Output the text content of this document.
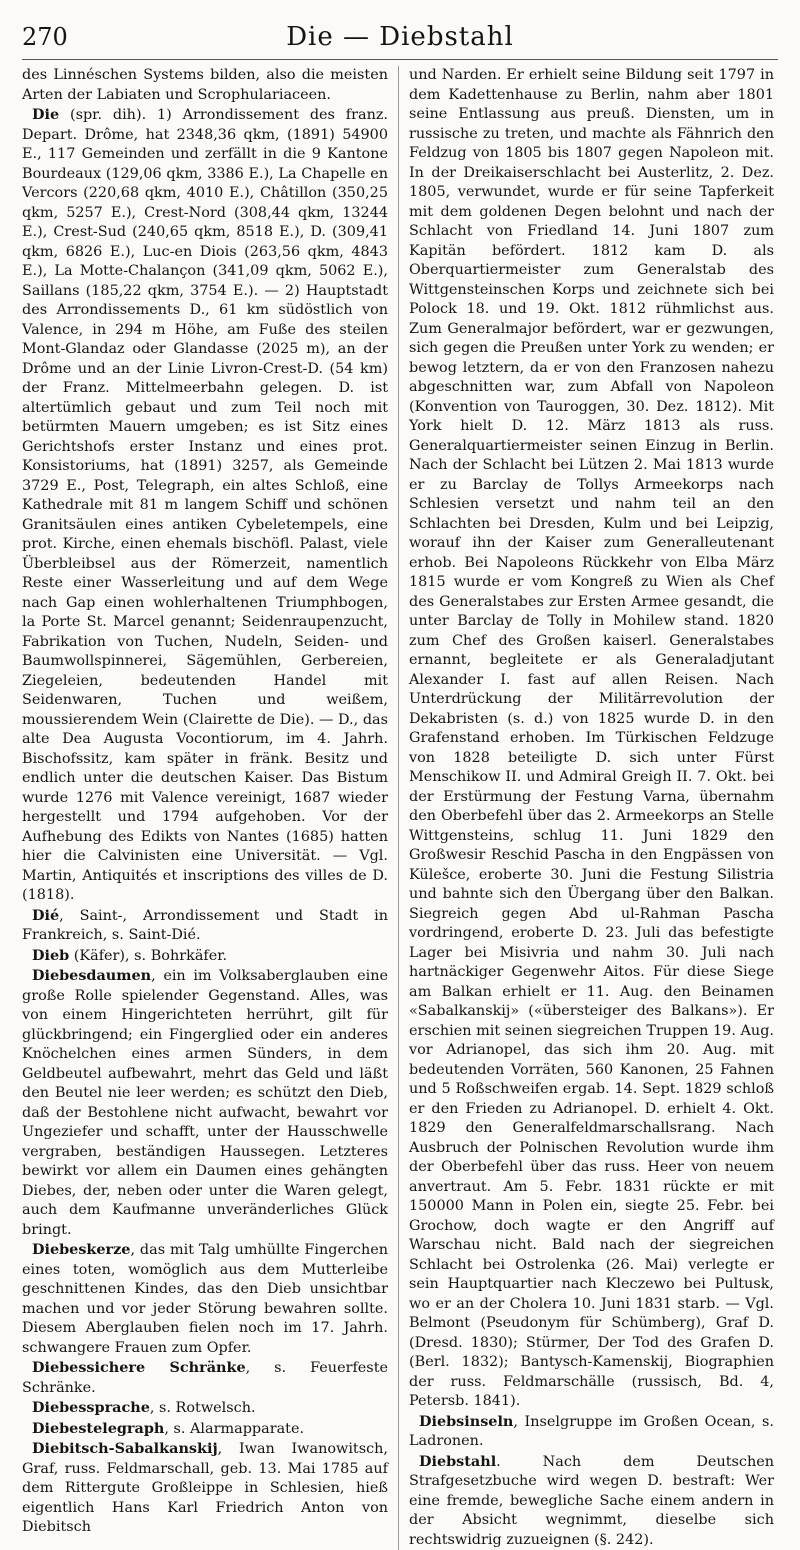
270	Die — Diebstahl

des Linnéschen Systems bilden, also die meisten Arten der Labiaten und Scrophulariaceen.

Die (spr. dih). 1) Arrondissement des franz. Depart. Drôme, hat 2348,36 qkm, (1891) 54900 E., 117 Gemeinden und zerfällt in die 9 Kantone Bourdeaux (129,06 qkm, 3386 E.), La Chapelle en Vercors (220,68 qkm, 4010 E.), Châtillon (350,25 qkm, 5257 E.), Crest-Nord (308,44 qkm, 13244 E.), Crest-Sud (240,65 qkm, 8518 E.), D. (309,41 qkm, 6826 E.), Luc-en Diois (263,56 qkm, 4843 E.), La Motte-Chalançon (341,09 qkm, 5062 E.), Saillans (185,22 qkm, 3754 E.). — 2) Hauptstadt des Arrondissements D., 61 km südöstlich von Valence, in 294 m Höhe, am Fuße des steilen Mont-Glandaz oder Glandasse (2025 m), an der Drôme und an der Linie Livron-Crest-D. (54 km) der Franz. Mittelmeerbahn gelegen. D. ist altertümlich gebaut und zum Teil noch mit betürmten Mauern umgeben; es ist Sitz eines Gerichtshofs erster Instanz und eines prot. Konsistoriums, hat (1891) 3257, als Gemeinde 3729 E., Post, Telegraph, ein altes Schloß, eine Kathedrale mit 81 m langem Schiff und schönen Granitsäulen eines antiken Cybeletempels, eine prot. Kirche, einen ehemals bischöfl. Palast, viele Überbleibsel aus der Römerzeit, namentlich Reste einer Wasserleitung und auf dem Wege nach Gap einen wohlerhaltenen Triumphbogen, la Porte St. Marcel genannt; Seidenraupenzucht, Fabrikation von Tuchen, Nudeln, Seiden- und Baumwollspinnerei, Sägemühlen, Gerbereien, Ziegeleien, bedeutenden Handel mit Seidenwaren, Tuchen und weißem, moussierendem Wein (Clairette de Die). — D., das alte Dea Augusta Vocontiorum, im 4. Jahrh. Bischofssitz, kam später in fränk. Besitz und endlich unter die deutschen Kaiser. Das Bistum wurde 1276 mit Valence vereinigt, 1687 wieder hergestellt und 1794 aufgehoben. Vor der Aufhebung des Edikts von Nantes (1685) hatten hier die Calvinisten eine Universität. — Vgl. Martin, Antiquités et inscriptions des villes de D. (1818).

Dié, Saint-, Arrondissement und Stadt in Frankreich, s. Saint-Dié.

Dieb (Käfer), s. Bohrkäfer.

Diebesdaumen, ein im Volksaberglauben eine große Rolle spielender Gegenstand. Alles, was von einem Hingerichteten herrührt, gilt für glückbringend; ein Fingerglied oder ein anderes Knöchelchen eines armen Sünders, in dem Geldbeutel aufbewahrt, mehrt das Geld und läßt den Beutel nie leer werden; es schützt den Dieb, daß der Bestohlene nicht aufwacht, bewahrt vor Ungeziefer und schafft, unter der Hausschwelle vergraben, beständigen Haussegen. Letzteres bewirkt vor allem ein Daumen eines gehängten Diebes, der, neben oder unter die Waren gelegt, auch dem Kaufmanne unveränderliches Glück bringt.

Diebeskerze, das mit Talg umhüllte Fingerchen eines toten, womöglich aus dem Mutterleibe geschnittenen Kindes, das den Dieb unsichtbar machen und vor jeder Störung bewahren sollte. Diesem Aberglauben fielen noch im 17. Jahrh. schwangere Frauen zum Opfer.

Diebessichere Schränke, s. Feuerfeste Schränke.

Diebessprache, s. Rotwelsch.

Diebestelegraph, s. Alarmapparate.

Diebitsch-Sabalkanskij, Iwan Iwanowitsch, Graf, russ. Feldmarschall, geb. 13. Mai 1785 auf dem Rittergute Großleippe in Schlesien, hieß eigentlich Hans Karl Friedrich Anton von Diebitsch

und Narden. Er erhielt seine Bildung seit 1797 in dem Kadettenhause zu Berlin, nahm aber 1801 seine Entlassung aus preuß. Diensten, um in russische zu treten, und machte als Fähnrich den Feldzug von 1805 bis 1807 gegen Napoleon mit. In der Dreikaiserschlacht bei Austerlitz, 2. Dez. 1805, verwundet, wurde er für seine Tapferkeit mit dem goldenen Degen belohnt und nach der Schlacht von Friedland 14. Juni 1807 zum Kapitän befördert. 1812 kam D. als Oberquartiermeister zum Generalstab des Wittgensteinschen Korps und zeichnete sich bei Polock 18. und 19. Okt. 1812 rühmlichst aus. Zum Generalmajor befördert, war er gezwungen, sich gegen die Preußen unter York zu wenden; er bewog letztern, da er von den Franzosen nahezu abgeschnitten war, zum Abfall von Napoleon (Konvention von Tauroggen, 30. Dez. 1812). Mit York hielt D. 12. März 1813 als russ. Generalquartiermeister seinen Einzug in Berlin. Nach der Schlacht bei Lützen 2. Mai 1813 wurde er zu Barclay de Tollys Armeekorps nach Schlesien versetzt und nahm teil an den Schlachten bei Dresden, Kulm und bei Leipzig, worauf ihn der Kaiser zum Generalleutenant erhob. Bei Napoleons Rückkehr von Elba März 1815 wurde er vom Kongreß zu Wien als Chef des Generalstabes zur Ersten Armee gesandt, die unter Barclay de Tolly in Mohilew stand. 1820 zum Chef des Großen kaiserl. Generalstabes ernannt, begleitete er als Generaladjutant Alexander I. fast auf allen Reisen. Nach Unterdrückung der Militärrevolution der Dekabristen (s. d.) von 1825 wurde D. in den Grafenstand erhoben. Im Türkischen Feldzuge von 1828 beteiligte D. sich unter Fürst Menschikow II. und Admiral Greigh II. 7. Okt. bei der Erstürmung der Festung Varna, übernahm den Oberbefehl über das 2. Armeekorps an Stelle Wittgensteins, schlug 11. Juni 1829 den Großwesir Reschid Pascha in den Engpässen von Külešce, eroberte 30. Juni die Festung Silistria und bahnte sich den Übergang über den Balkan. Siegreich gegen Abd ul-Rahman Pascha vordringend, eroberte D. 23. Juli das befestigte Lager bei Misivria und nahm 30. Juli nach hartnäckiger Gegenwehr Aitos. Für diese Siege am Balkan erhielt er 11. Aug. den Beinamen «Sabalkanskij» («übersteiger des Balkans»). Er erschien mit seinen siegreichen Truppen 19. Aug. vor Adrianopel, das sich ihm 20. Aug. mit bedeutenden Vorräten, 560 Kanonen, 25 Fahnen und 5 Roßschweifen ergab. 14. Sept. 1829 schloß er den Frieden zu Adrianopel. D. erhielt 4. Okt. 1829 den Generalfeldmarschallsrang. Nach Ausbruch der Polnischen Revolution wurde ihm der Oberbefehl über das russ. Heer von neuem anvertraut. Am 5. Febr. 1831 rückte er mit 150000 Mann in Polen ein, siegte 25. Febr. bei Grochow, doch wagte er den Angriff auf Warschau nicht. Bald nach der siegreichen Schlacht bei Ostrolenka (26. Mai) verlegte er sein Hauptquartier nach Kleczewo bei Pultusk, wo er an der Cholera 10. Juni 1831 starb. — Vgl. Belmont (Pseudonym für Schümberg), Graf D. (Dresd. 1830); Stürmer, Der Tod des Grafen D. (Berl. 1832); Bantysch-Kamenskij, Biographien der russ. Feldmarschälle (russisch, Bd. 4, Petersb. 1841).

Diebsinseln, Inselgruppe im Großen Ocean, s. Ladronen.

Diebstahl. Nach dem Deutschen Strafgesetzbuche wird wegen D. bestraft: Wer eine fremde, bewegliche Sache einem andern in der Absicht wegnimmt, dieselbe sich rechtswidrig zuzueignen (§. 242).
